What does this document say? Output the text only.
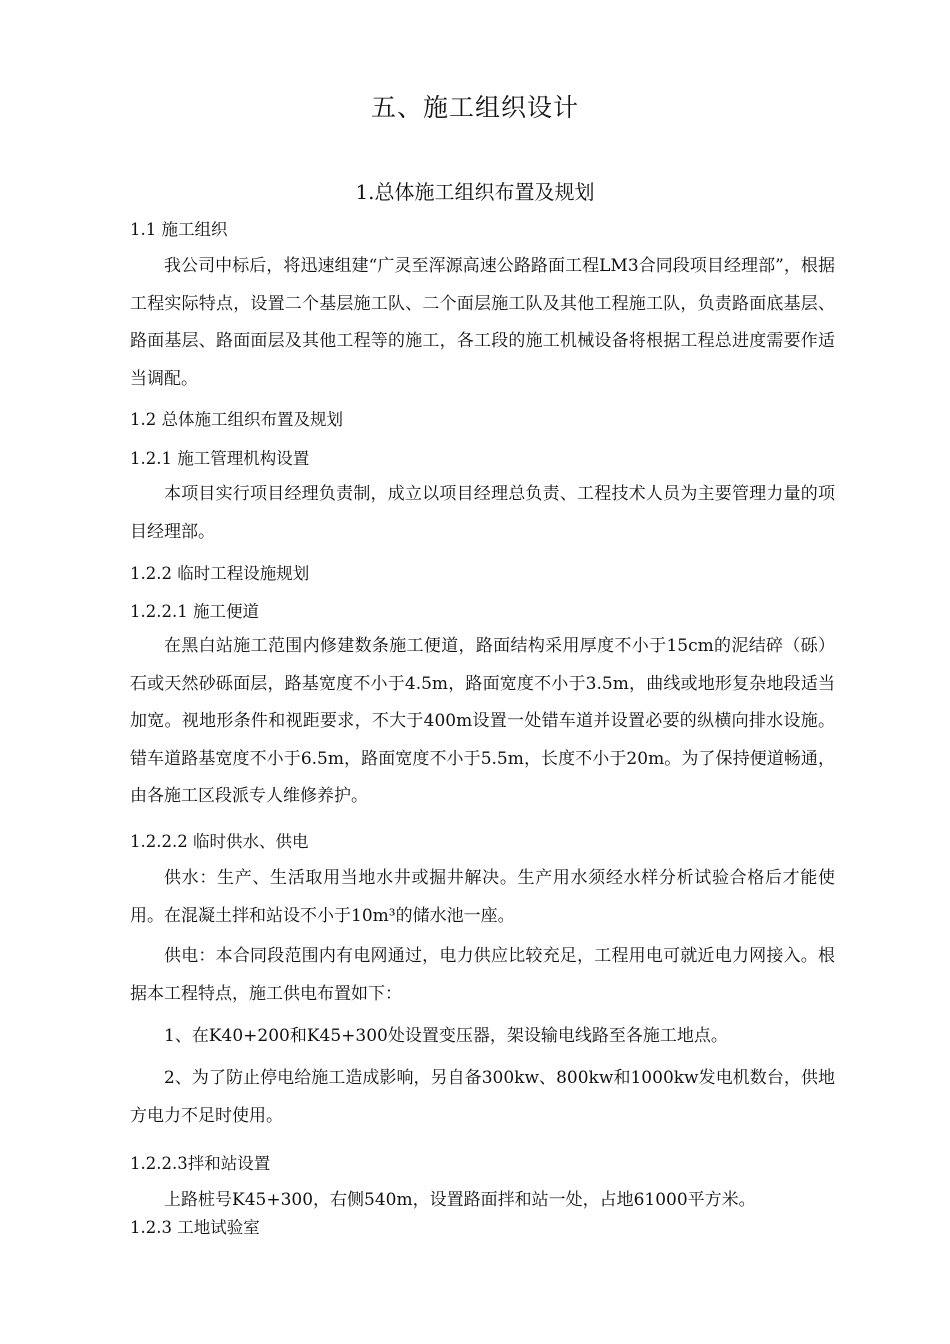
五、施工组织设计
1.总体施工组织布置及规划
1.1 施工组织
我公司中标后，将迅速组建“广灵至浑源高速公路路面工程LM3合同段项目经理部”，根据工程实际特点，设置二个基层施工队、二个面层施工队及其他工程施工队，负责路面底基层、路面基层、路面面层及其他工程等的施工，各工段的施工机械设备将根据工程总进度需要作适当调配。
1.2 总体施工组织布置及规划
1.2.1 施工管理机构设置
本项目实行项目经理负责制，成立以项目经理总负责、工程技术人员为主要管理力量的项目经理部。
1.2.2 临时工程设施规划
1.2.2.1 施工便道
在黑白站施工范围内修建数条施工便道，路面结构采用厚度不小于15cm的泥结碎（砾）石或天然砂砾面层，路基宽度不小于4.5m，路面宽度不小于3.5m，曲线或地形复杂地段适当加宽。视地形条件和视距要求，不大于400m设置一处错车道并设置必要的纵横向排水设施。错车道路基宽度不小于6.5m，路面宽度不小于5.5m，长度不小于20m。为了保持便道畅通，由各施工区段派专人维修养护。
1.2.2.2 临时供水、供电
供水：生产、生活取用当地水井或掘井解决。生产用水须经水样分析试验合格后才能使用。在混凝土拌和站设不小于10m³的储水池一座。
供电：本合同段范围内有电网通过，电力供应比较充足，工程用电可就近电力网接入。根据本工程特点，施工供电布置如下：
1、在K40+200和K45+300处设置变压器，架设输电线路至各施工地点。
2、为了防止停电给施工造成影响，另自备300kw、800kw和1000kw发电机数台，供地方电力不足时使用。
1.2.2.3拌和站设置
上路桩号K45+300，右侧540m，设置路面拌和站一处，占地61000平方米。
1.2.3 工地试验室
